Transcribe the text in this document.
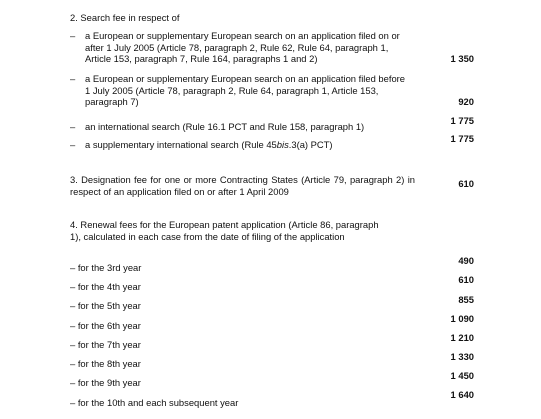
2. Search fee in respect of
– a European or supplementary European search on an application filed on or after 1 July 2005 (Article 78, paragraph 2, Rule 62, Rule 64, paragraph 1, Article 153, paragraph 7, Rule 164, paragraphs 1 and 2)	1 350
– a European or supplementary European search on an application filed before 1 July 2005 (Article 78, paragraph 2, Rule 64, paragraph 1, Article 153, paragraph 7)	920
– an international search (Rule 16.1 PCT and Rule 158, paragraph 1)
1 775
– a supplementary international search (Rule 45bis.3(a) PCT)
1 775
3. Designation fee for one or more Contracting States (Article 79, paragraph 2) in respect of an application filed on or after 1 April 2009
610
4. Renewal fees for the European patent application (Article 86, paragraph 1), calculated in each case from the date of filing of the application
– for the 3rd year
490
– for the 4th year
610
– for the 5th year
855
– for the 6th year
1 090
– for the 7th year
1 210
– for the 8th year
1 330
– for the 9th year
1 450
– for the 10th and each subsequent year
1 640
